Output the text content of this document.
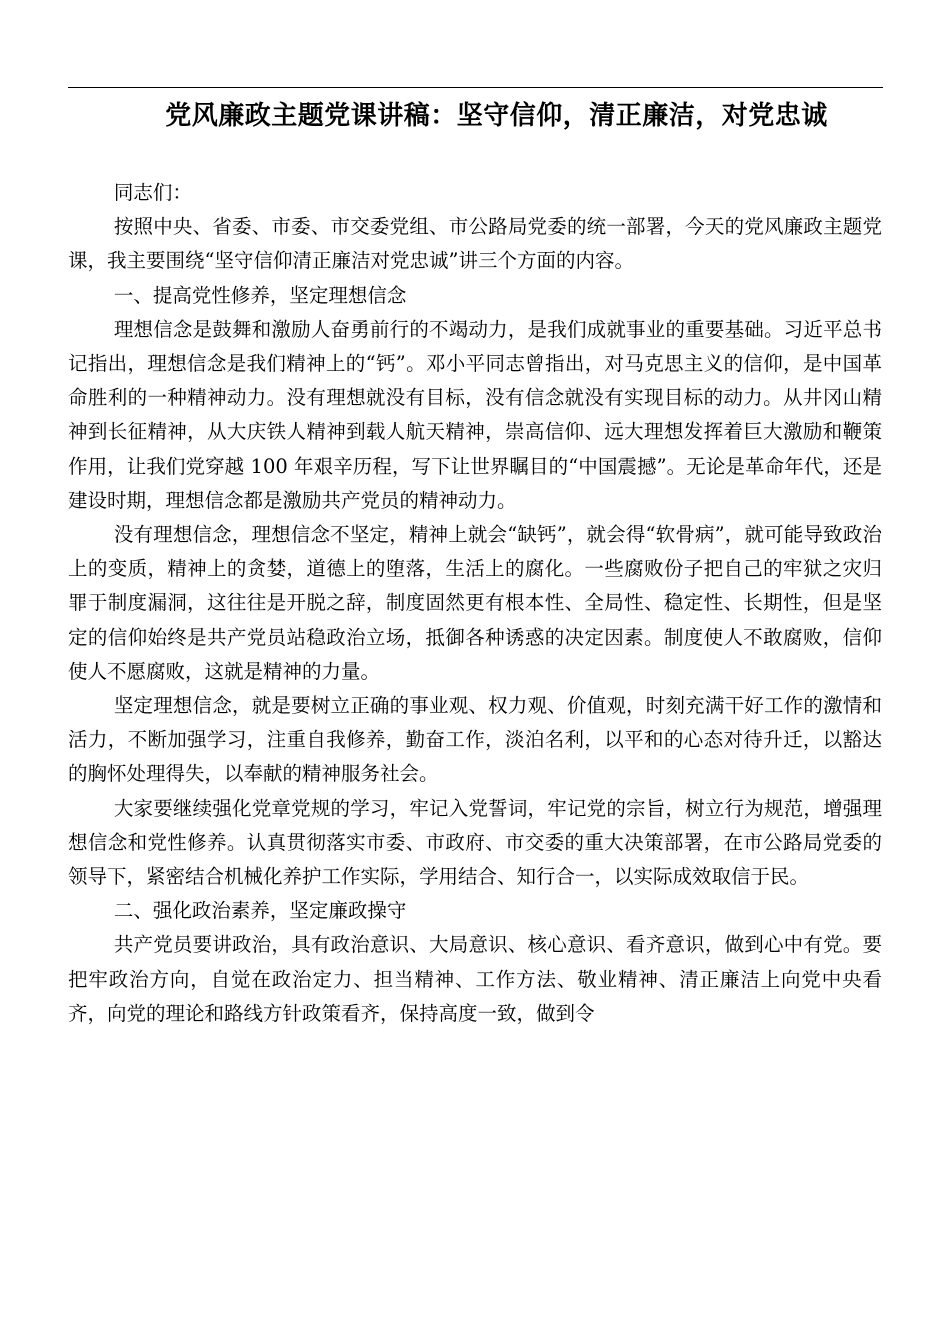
党风廉政主题党课讲稿：坚守信仰，清正廉洁，对党忠诚

同志们：

按照中央、省委、市委、市交委党组、市公路局党委的统一部署，今天的党风廉政主题党课，我主要围绕“坚守信仰清正廉洁对党忠诚”讲三个方面的内容。

一、提高党性修养，坚定理想信念

理想信念是鼓舞和激励人奋勇前行的不竭动力，是我们成就事业的重要基础。习近平总书记指出，理想信念是我们精神上的“钙”。邓小平同志曾指出，对马克思主义的信仰，是中国革命胜利的一种精神动力。没有理想就没有目标，没有信念就没有实现目标的动力。从井冈山精神到长征精神，从大庆铁人精神到载人航天精神，崇高信仰、远大理想发挥着巨大激励和鞭策作用，让我们党穿越 100 年艰辛历程，写下让世界瞩目的“中国震撼”。无论是革命年代，还是建设时期，理想信念都是激励共产党员的精神动力。

没有理想信念，理想信念不坚定，精神上就会“缺钙”，就会得“软骨病”，就可能导致政治上的变质，精神上的贪婪，道德上的堕落，生活上的腐化。一些腐败份子把自己的牢狱之灾归罪于制度漏洞，这往往是开脱之辞，制度固然更有根本性、全局性、稳定性、长期性，但是坚定的信仰始终是共产党员站稳政治立场，抵御各种诱惑的决定因素。制度使人不敢腐败，信仰使人不愿腐败，这就是精神的力量。

坚定理想信念，就是要树立正确的事业观、权力观、价值观，时刻充满干好工作的激情和活力，不断加强学习，注重自我修养，勤奋工作，淡泊名利，以平和的心态对待升迁，以豁达的胸怀处理得失，以奉献的精神服务社会。

大家要继续强化党章党规的学习，牢记入党誓词，牢记党的宗旨，树立行为规范，增强理想信念和党性修养。认真贯彻落实市委、市政府、市交委的重大决策部署，在市公路局党委的领导下，紧密结合机械化养护工作实际，学用结合、知行合一，以实际成效取信于民。

二、强化政治素养，坚定廉政操守

共产党员要讲政治，具有政治意识、大局意识、核心意识、看齐意识，做到心中有党。要把牢政治方向，自觉在政治定力、担当精神、工作方法、敬业精神、清正廉洁上向党中央看齐，向党的理论和路线方针政策看齐，保持高度一致，做到令
